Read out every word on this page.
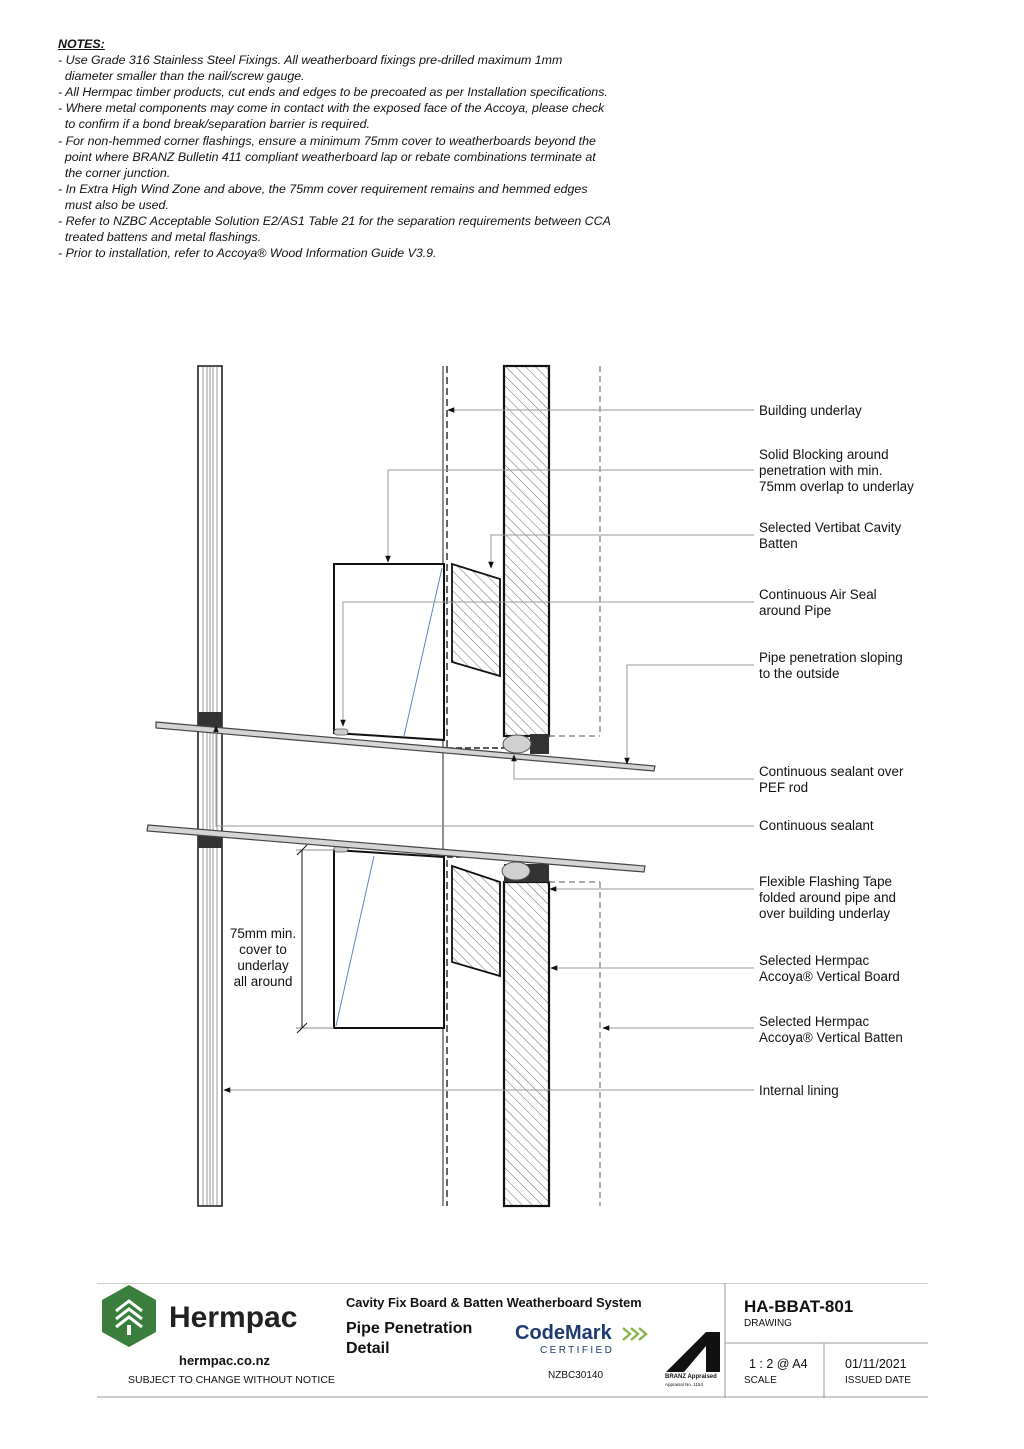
NOTES:
- Use Grade 316 Stainless Steel Fixings. All weatherboard fixings pre-drilled maximum 1mm
diameter smaller than the nail/screw gauge.
- All Hermpac timber products, cut ends and edges to be precoated as per Installation specifications.
- Where metal components may come in contact with the exposed face of the Accoya, please check
to confirm if a bond break/separation barrier is required.
- For non-hemmed corner flashings, ensure a minimum 75mm cover to weatherboards beyond the
point where BRANZ Bulletin 411 compliant weatherboard lap or rebate combinations terminate at
the corner junction.
- In Extra High Wind Zone and above, the 75mm cover requirement remains and hemmed edges
must also be used.
- Refer to NZBC Acceptable Solution E2/AS1 Table 21 for the separation requirements between CCA
treated battens and metal flashings.
- Prior to installation, refer to Accoya® Wood Information Guide V3.9.
Building underlay
Solid Blocking around
penetration with min.
75mm overlap to underlay
Selected Vertibat Cavity
Batten
Continuous Air Seal
around Pipe
Pipe penetration sloping
to the outside
Continuous sealant over
PEF rod
Continuous sealant
Flexible Flashing Tape
folded around pipe and
over building underlay
Selected Hermpac
Accoya® Vertical Board
Selected Hermpac
Accoya® Vertical Batten
Internal lining
75mm min.
cover to
underlay
all around
Hermpac
hermpac.co.nz
SUBJECT TO CHANGE WITHOUT NOTICE
Cavity Fix Board & Batten Weatherboard System
Pipe Penetration
Detail
CodeMark
CERTIFIED
NZBC30140	BRANZ Appraised
Appraisal No. 1164
HA-BBAT-801
DRAWING
1 : 2 @ A4
SCALE
01/11/2021
ISSUED DATE
